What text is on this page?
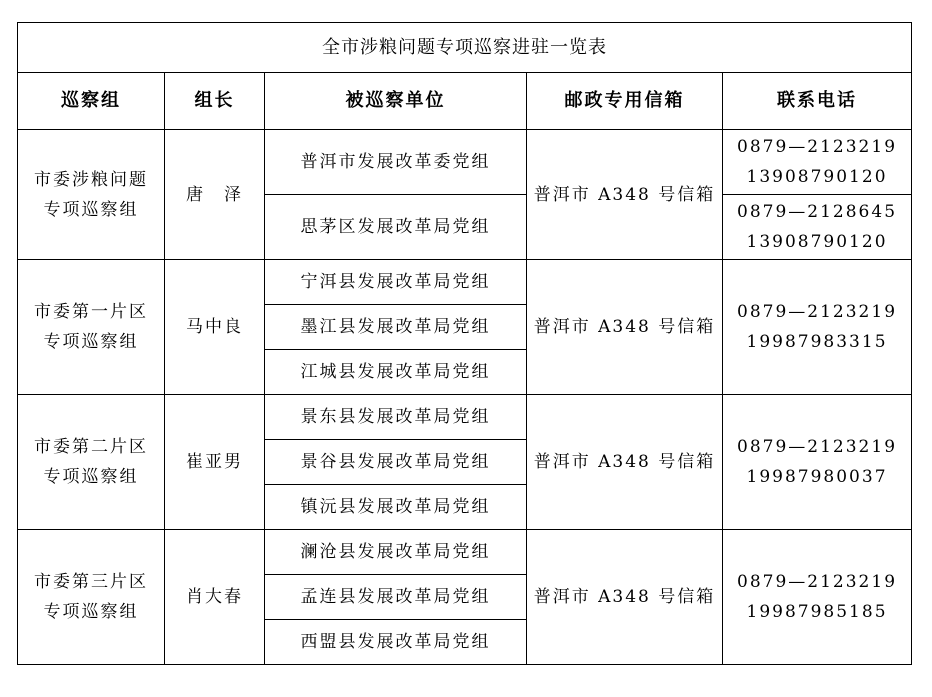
全市涉粮问题专项巡察进驻一览表				
巡察组	组长	被巡察单位	邮政专用信箱	联系电话

市委涉粮问题
专项巡察组	唐　泽	普洱市发展改革委党组	普洱市 A348 号信箱	0879—2123219
13908790120

		思茅区发展改革局党组		0879—2128645
13908790120

市委第一片区
专项巡察组	马中良	宁洱县发展改革局党组	普洱市 A348 号信箱	0879—2123219
19987983315

		墨江县发展改革局党组		
		江城县发展改革局党组		

市委第二片区
专项巡察组	崔亚男	景东县发展改革局党组	普洱市 A348 号信箱	0879—2123219
19987980037

		景谷县发展改革局党组		
		镇沅县发展改革局党组		

市委第三片区
专项巡察组	肖大春	澜沧县发展改革局党组	普洱市 A348 号信箱	0879—2123219
19987985185

		孟连县发展改革局党组		
		西盟县发展改革局党组		
